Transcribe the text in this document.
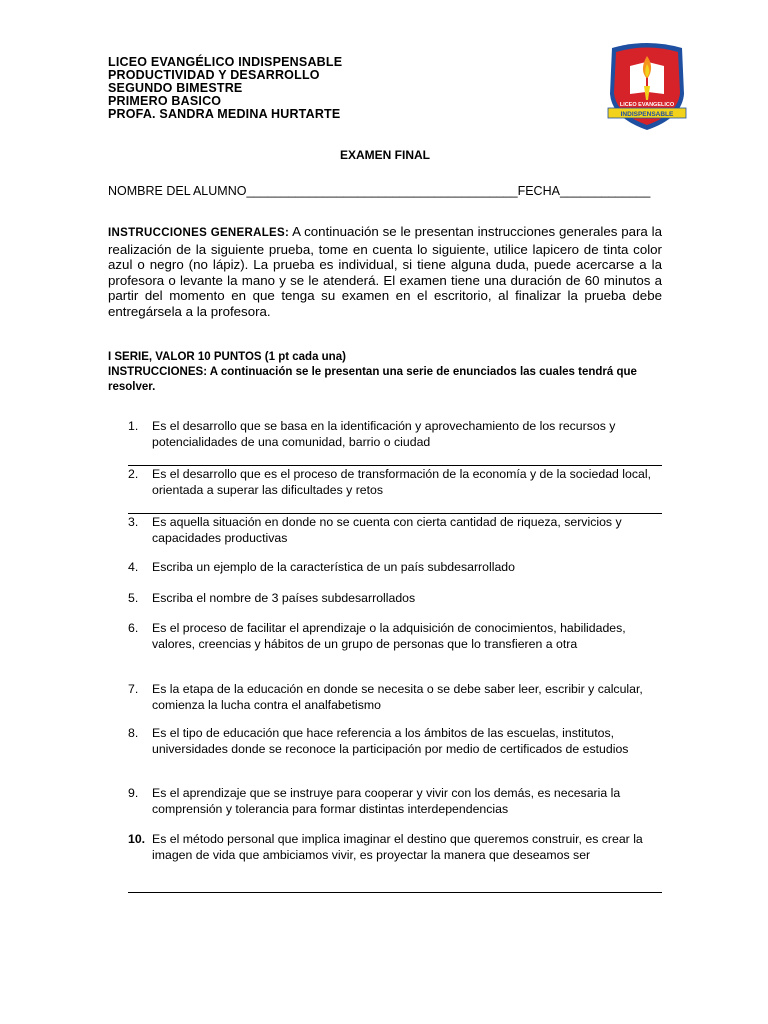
LICEO EVANGÉLICO INDISPENSABLE
PRODUCTIVIDAD Y DESARROLLO
SEGUNDO BIMESTRE
PRIMERO BASICO
PROFA. SANDRA MEDINA HURTARTE
LICEO EVANGELICO
INDISPENSABLE
EXAMEN FINAL
NOMBRE DEL ALUMNO_______________________________________FECHA_____________
INSTRUCCIONES GENERALES: A continuación se le presentan instrucciones generales para la realización de la siguiente prueba, tome en cuenta lo siguiente, utilice lapicero de tinta color azul o negro (no lápiz). La prueba es individual, si tiene alguna duda, puede acercarse a la profesora o levante la mano y se le atenderá. El examen tiene una duración de 60 minutos a partir del momento en que tenga su examen en el escritorio, al finalizar la prueba debe entregársela a la profesora.
I SERIE, VALOR 10 PUNTOS (1 pt cada una)
INSTRUCCIONES: A continuación se le presentan una serie de enunciados las cuales tendrá que resolver.
1.	Es el desarrollo que se basa en la identificación y aprovechamiento de los recursos y potencialidades de una comunidad, barrio o ciudad
2.	Es el desarrollo que es el proceso de transformación de la economía y de la sociedad local, orientada a superar las dificultades y retos
3.	Es aquella situación en donde no se cuenta con cierta cantidad de riqueza, servicios y capacidades productivas
4.	Escriba un ejemplo de la característica de un país subdesarrollado
5.	Escriba el nombre de 3 países subdesarrollados
6.	Es el proceso de facilitar el aprendizaje o la adquisición de conocimientos, habilidades, valores, creencias y hábitos de un grupo de personas que lo transfieren a otra
7.	Es la etapa de la educación en donde se necesita o se debe saber leer, escribir y calcular, comienza la lucha contra el analfabetismo
8.	Es el tipo de educación que hace referencia a los ámbitos de las escuelas, institutos, universidades donde se reconoce la participación por medio de certificados de estudios
9.	Es el aprendizaje que se instruye para cooperar y vivir con los demás, es necesaria la comprensión y tolerancia para formar distintas interdependencias
10. Es el método personal que implica imaginar el destino que queremos construir, es crear la imagen de vida que ambiciamos vivir, es proyectar la manera que deseamos ser
